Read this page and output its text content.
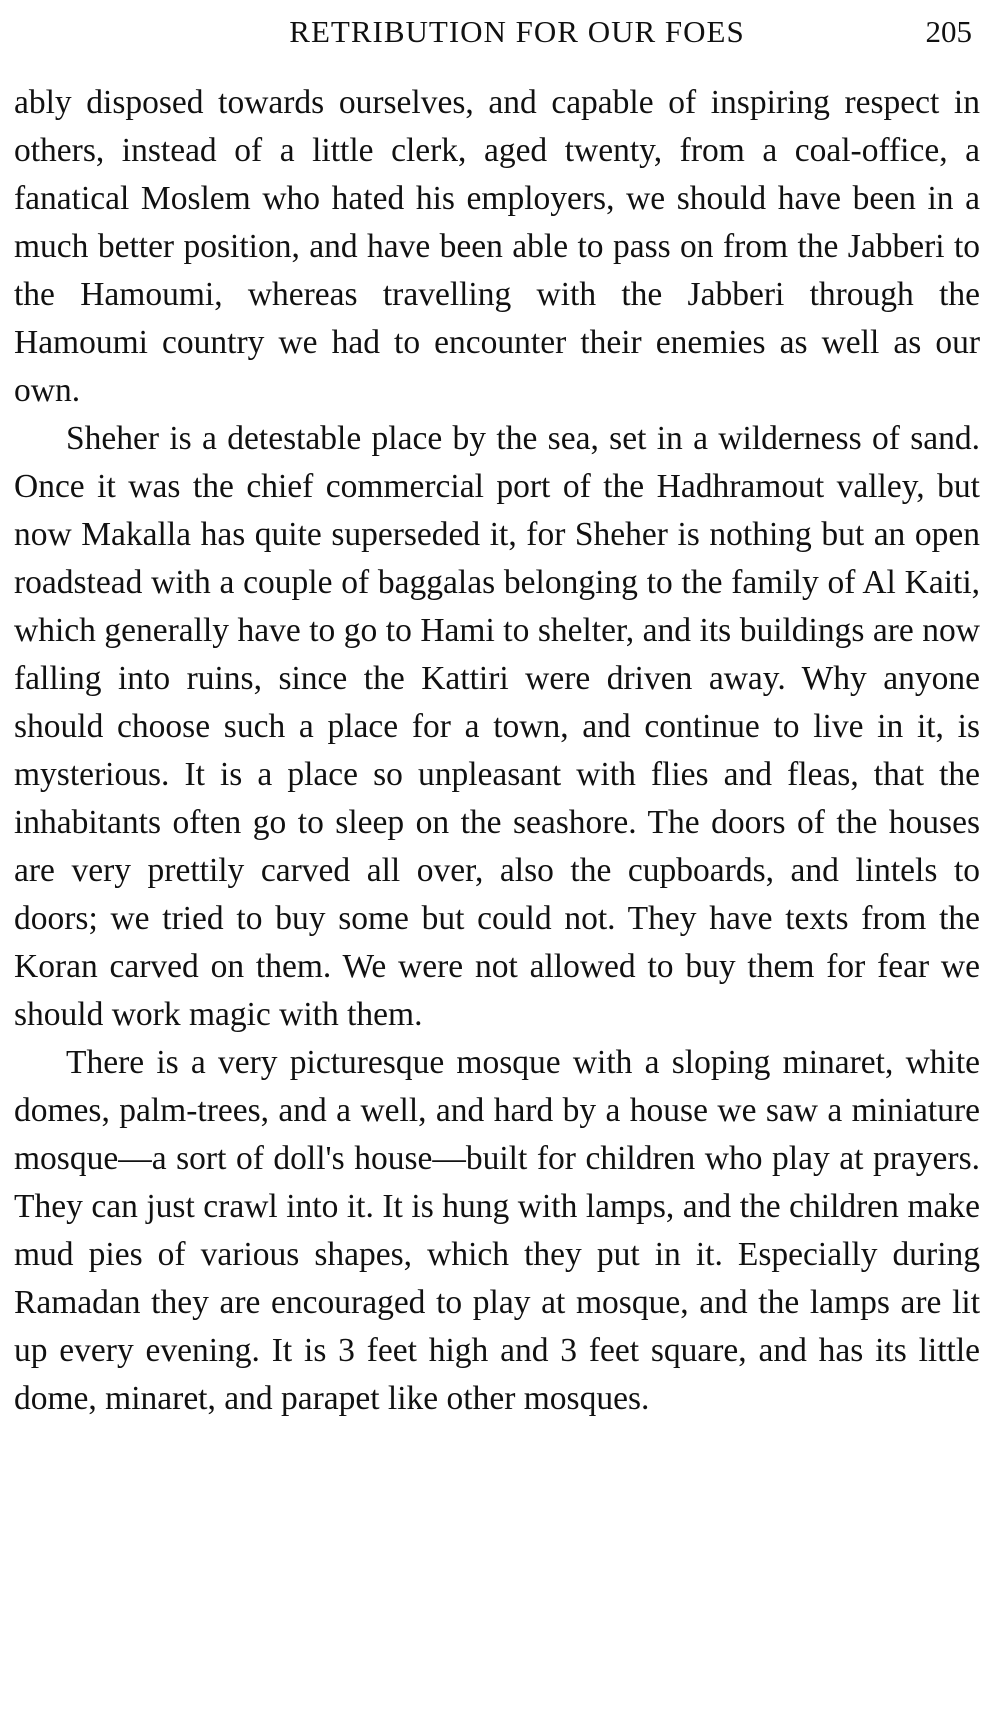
RETRIBUTION FOR OUR FOES	205

ably disposed towards ourselves, and capable of inspiring respect in others, instead of a little clerk, aged twenty, from a coal-office, a fanatical Moslem who hated his employers, we should have been in a much better position, and have been able to pass on from the Jabberi to the Hamoumi, whereas travelling with the Jabberi through the Hamoumi country we had to encounter their enemies as well as our own.

Sheher is a detestable place by the sea, set in a wilderness of sand. Once it was the chief commercial port of the Hadhramout valley, but now Makalla has quite superseded it, for Sheher is nothing but an open roadstead with a couple of baggalas belonging to the family of Al Kaiti, which generally have to go to Hami to shelter, and its buildings are now falling into ruins, since the Kattiri were driven away. Why anyone should choose such a place for a town, and continue to live in it, is mysterious. It is a place so unpleasant with flies and fleas, that the inhabitants often go to sleep on the seashore. The doors of the houses are very prettily carved all over, also the cupboards, and lintels to doors; we tried to buy some but could not. They have texts from the Koran carved on them. We were not allowed to buy them for fear we should work magic with them.

There is a very picturesque mosque with a sloping minaret, white domes, palm-trees, and a well, and hard by a house we saw a miniature mosque—a sort of doll's house—built for children who play at prayers. They can just crawl into it. It is hung with lamps, and the children make mud pies of various shapes, which they put in it. Especially during Ramadan they are encouraged to play at mosque, and the lamps are lit up every evening. It is 3 feet high and 3 feet square, and has its little dome, minaret, and parapet like other mosques.
